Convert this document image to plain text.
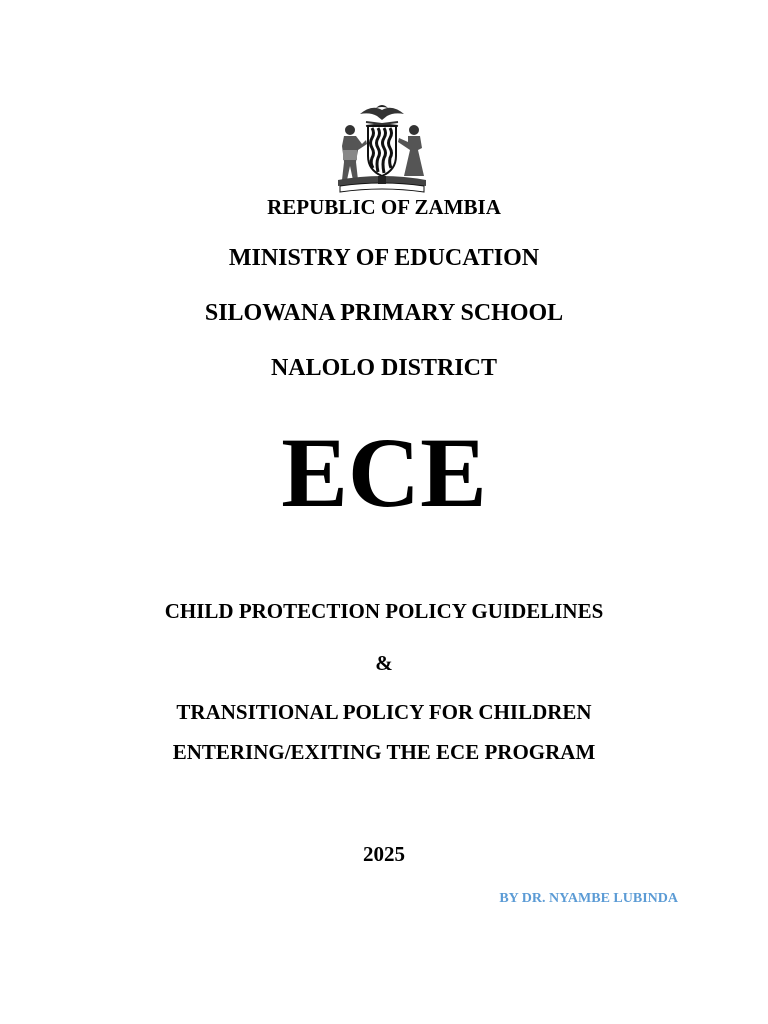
REPUBLIC OF ZAMBIA
MINISTRY OF EDUCATION
SILOWANA PRIMARY SCHOOL
NALOLO DISTRICT
ECE
CHILD PROTECTION POLICY GUIDELINES
&
TRANSITIONAL POLICY FOR CHILDREN
ENTERING/EXITING THE ECE PROGRAM
2025
BY DR. NYAMBE LUBINDA
